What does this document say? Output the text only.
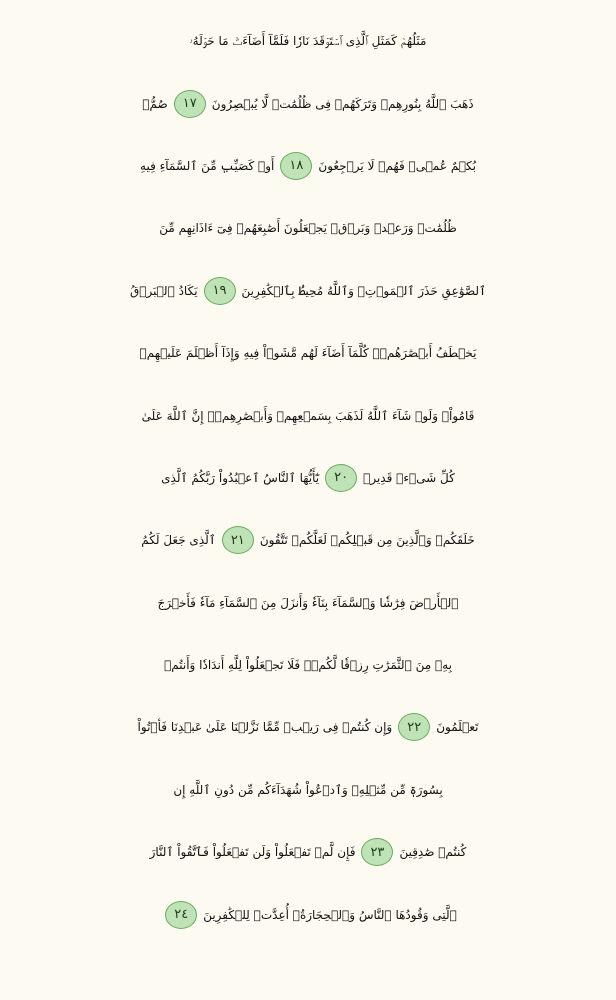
مَثَلُهُمۡ كَمَثَلِ ٱلَّذِى ٱسۡتَوۡقَدَ نَارٗا فَلَمَّآ أَضَآءَتۡ مَا حَوۡلَهُۥ
ذَهَبَ ٱللَّهُ بِنُورِهِمۡ وَتَرَكَهُمۡ فِى ظُلُمَٰتٖ لَّا يُبۡصِرُونَ
١٧
صُمُّۢ
بُكۡمٌ عُمۡىٞ فَهُمۡ لَا يَرۡجِعُونَ
١٨
أَوۡ كَصَيِّبٖ مِّنَ ٱلسَّمَآءِ فِيهِ
ظُلُمَٰتٞ وَرَعۡدٞ وَبَرۡقٞ يَجۡعَلُونَ أَصَٰبِعَهُمۡ فِىٓ ءَاذَانِهِم مِّنَ
ٱلصَّوَٰعِقِ حَذَرَ ٱلۡمَوۡتِۚ وَٱللَّهُ مُحِيطُۢ بِٱلۡكَٰفِرِينَ
١٩
يَكَادُ ٱلۡبَرۡقُ
يَخۡطَفُ أَبۡصَٰرَهُمۡۖ كُلَّمَآ أَضَآءَ لَهُم مَّشَوۡاْ فِيهِ وَإِذَآ أَظۡلَمَ عَلَيۡهِمۡ
قَامُواْۚ وَلَوۡ شَآءَ ٱللَّهُ لَذَهَبَ بِسَمۡعِهِمۡ وَأَبۡصَٰرِهِمۡۚ إِنَّ ٱللَّهَ عَلَىٰ
كُلِّ شَىۡءٖ قَدِيرٞ
٢٠
يَٰٓأَيُّهَا ٱلنَّاسُ ٱعۡبُدُواْ رَبَّكُمُ ٱلَّذِى
خَلَقَكُمۡ وَٱلَّذِينَ مِن قَبۡلِكُمۡ لَعَلَّكُمۡ تَتَّقُونَ
٢١
ٱلَّذِى جَعَلَ لَكُمُ
ٱلۡأَرۡضَ فِرَٰشٗا وَٱلسَّمَآءَ بِنَآءٗ وَأَنزَلَ مِنَ ٱلسَّمَآءِ مَآءٗ فَأَخۡرَجَ
بِهِۦ مِنَ ٱلثَّمَرَٰتِ رِزۡقٗا لَّكُمۡۖ فَلَا تَجۡعَلُواْ لِلَّهِ أَندَادٗا وَأَنتُمۡ
تَعۡلَمُونَ
٢٢
وَإِن كُنتُمۡ فِى رَيۡبٖ مِّمَّا نَزَّلۡنَا عَلَىٰ عَبۡدِنَا فَأۡتُواْ
بِسُورَةٖ مِّن مِّثۡلِهِۦ وَٱدۡعُواْ شُهَدَآءَكُم مِّن دُونِ ٱللَّهِ إِن
كُنتُمۡ صَٰدِقِينَ
٢٣
فَإِن لَّمۡ تَفۡعَلُواْ وَلَن تَفۡعَلُواْ فَٱتَّقُواْ ٱلنَّارَ
ٱلَّتِى وَقُودُهَا ٱلنَّاسُ وَٱلۡحِجَارَةُۖ أُعِدَّتۡ لِلۡكَٰفِرِينَ
٢٤
